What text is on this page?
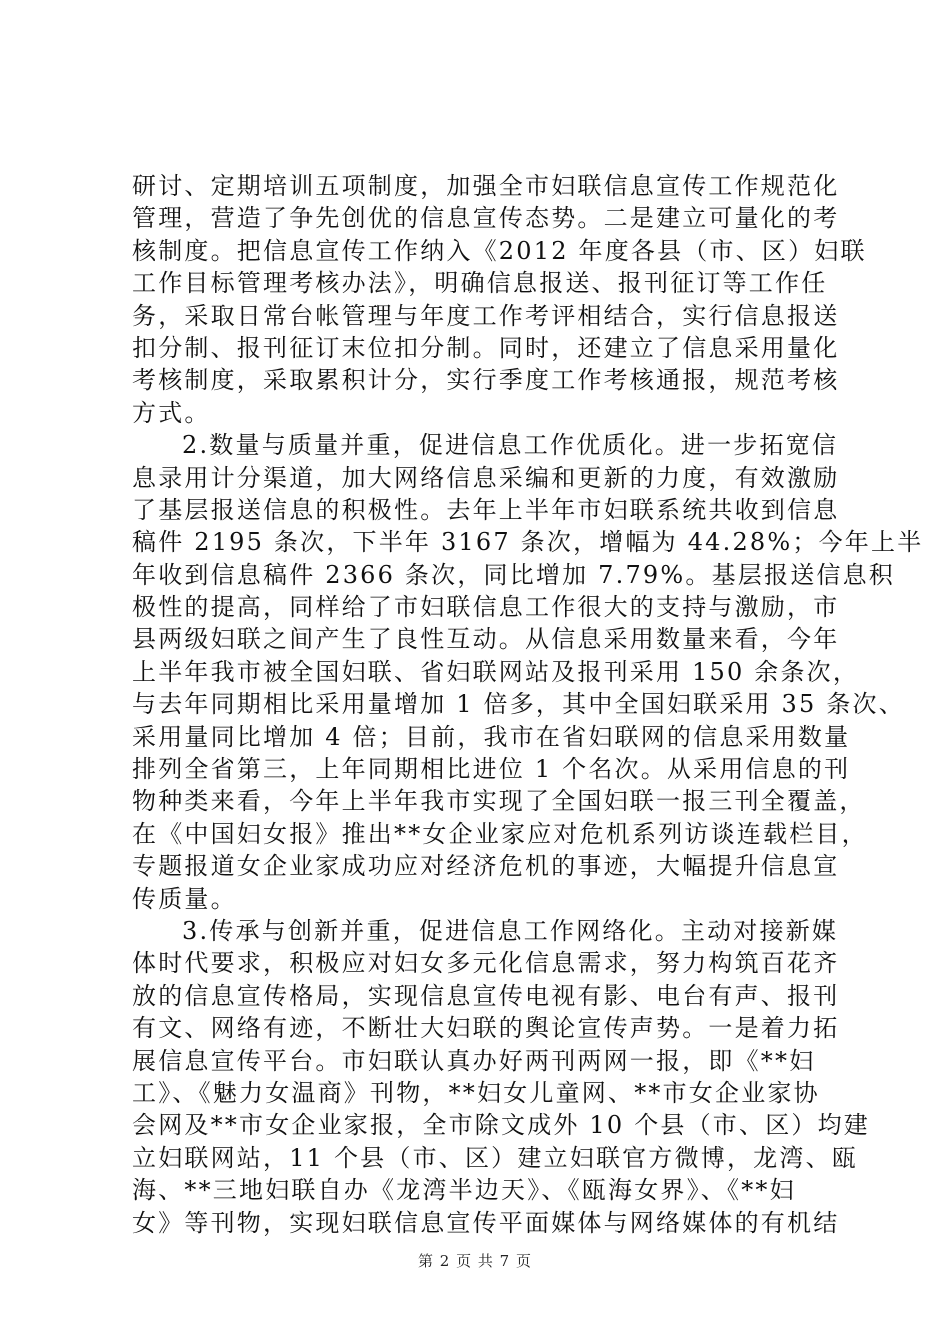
研讨、定期培训五项制度，加强全市妇联信息宣传工作规范化
管理，营造了争先创优的信息宣传态势。二是建立可量化的考
核制度。把信息宣传工作纳入《2012 年度各县（市、区）妇联
工作目标管理考核办法》，明确信息报送、报刊征订等工作任
务，采取日常台帐管理与年度工作考评相结合，实行信息报送
扣分制、报刊征订末位扣分制。同时，还建立了信息采用量化
考核制度，采取累积计分，实行季度工作考核通报，规范考核
方式。
2.数量与质量并重，促进信息工作优质化。进一步拓宽信
息录用计分渠道，加大网络信息采编和更新的力度，有效激励
了基层报送信息的积极性。去年上半年市妇联系统共收到信息
稿件 2195 条次，下半年 3167 条次，增幅为 44.28%；今年上半
年收到信息稿件 2366 条次，同比增加 7.79%。基层报送信息积
极性的提高，同样给了市妇联信息工作很大的支持与激励，市
县两级妇联之间产生了良性互动。从信息采用数量来看，今年
上半年我市被全国妇联、省妇联网站及报刊采用 150 余条次，
与去年同期相比采用量增加 1 倍多，其中全国妇联采用 35 条次、
采用量同比增加 4 倍；目前，我市在省妇联网的信息采用数量
排列全省第三，上年同期相比进位 1 个名次。从采用信息的刊
物种类来看，今年上半年我市实现了全国妇联一报三刊全覆盖，
在《中国妇女报》推出**女企业家应对危机系列访谈连载栏目，
专题报道女企业家成功应对经济危机的事迹，大幅提升信息宣
传质量。
3.传承与创新并重，促进信息工作网络化。主动对接新媒
体时代要求，积极应对妇女多元化信息需求，努力构筑百花齐
放的信息宣传格局，实现信息宣传电视有影、电台有声、报刊
有文、网络有迹，不断壮大妇联的舆论宣传声势。一是着力拓
展信息宣传平台。市妇联认真办好两刊两网一报，即《**妇
工》、《魅力女温商》刊物，**妇女儿童网、**市女企业家协
会网及**市女企业家报，全市除文成外 10 个县（市、区）均建
立妇联网站，11 个县（市、区）建立妇联官方微博，龙湾、瓯
海、**三地妇联自办《龙湾半边天》、《瓯海女界》、《**妇
女》等刊物，实现妇联信息宣传平面媒体与网络媒体的有机结
第 2 页 共 7 页
